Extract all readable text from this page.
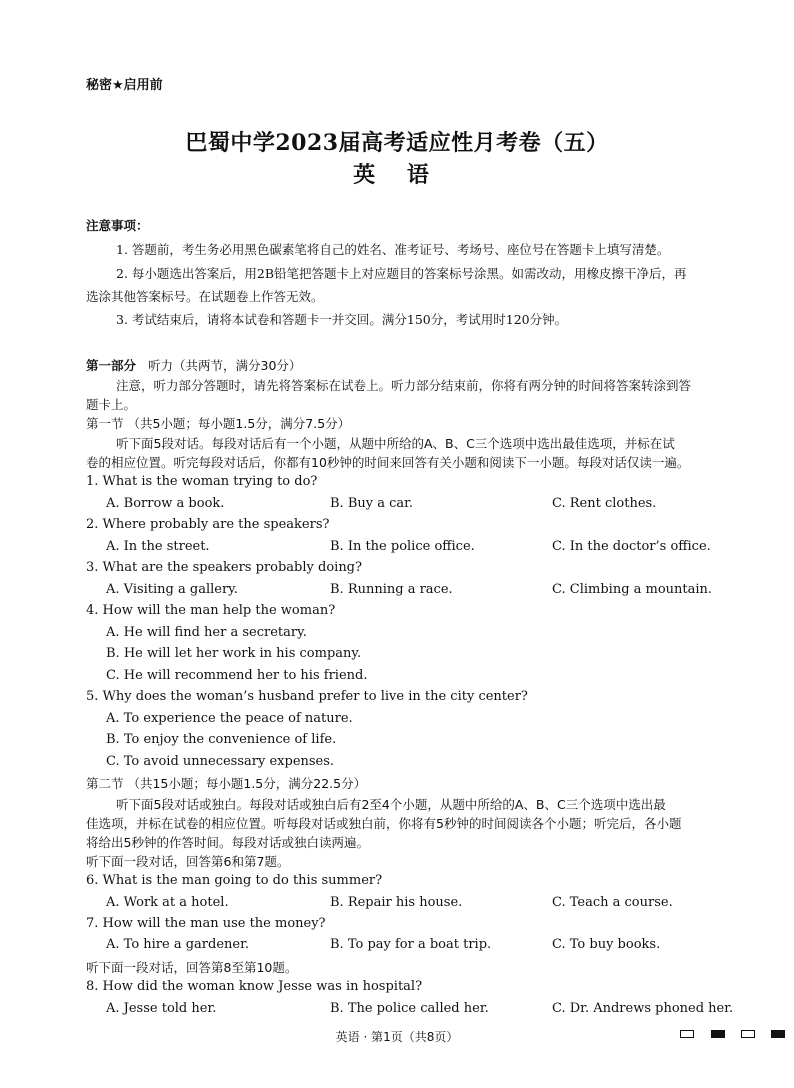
秘密★启用前
巴蜀中学2023届高考适应性月考卷（五）
英 语
注意事项：
1. 答题前，考生务必用黑色碳素笔将自己的姓名、准考证号、考场号、座位号在答题卡上填写清楚。
2. 每小题选出答案后，用2B铅笔把答题卡上对应题目的答案标号涂黑。如需改动，用橡皮擦干净后，再
选涂其他答案标号。在试题卷上作答无效。
3. 考试结束后，请将本试卷和答题卡一并交回。满分150分，考试用时120分钟。
第一部分 听力（共两节，满分30分）
注意，听力部分答题时，请先将答案标在试卷上。听力部分结束前，你将有两分钟的时间将答案转涂到答
题卡上。
第一节 （共5小题；每小题1.5分，满分7.5分）
听下面5段对话。每段对话后有一个小题，从题中所给的A、B、C三个选项中选出最佳选项，并标在试
卷的相应位置。听完每段对话后，你都有10秒钟的时间来回答有关小题和阅读下一小题。每段对话仅读一遍。
1. What is the woman trying to do?
A. Borrow a book.	B. Buy a car.	C. Rent clothes.
2. Where probably are the speakers?
A. In the street.	B. In the police office.	C. In the doctor’s office.
3. What are the speakers probably doing?
A. Visiting a gallery.	B. Running a race.	C. Climbing a mountain.
4. How will the man help the woman?
A. He will find her a secretary.
B. He will let her work in his company.
C. He will recommend her to his friend.
5. Why does the woman’s husband prefer to live in the city center?
A. To experience the peace of nature.
B. To enjoy the convenience of life.
C. To avoid unnecessary expenses.
第二节 （共15小题；每小题1.5分，满分22.5分）
听下面5段对话或独白。每段对话或独白后有2至4个小题，从题中所给的A、B、C三个选项中选出最
佳选项，并标在试卷的相应位置。听每段对话或独白前，你将有5秒钟的时间阅读各个小题；听完后，各小题
将给出5秒钟的作答时间。每段对话或独白读两遍。
听下面一段对话，回答第6和第7题。
6. What is the man going to do this summer?
A. Work at a hotel.	B. Repair his house.	C. Teach a course.
7. How will the man use the money?
A. To hire a gardener.	B. To pay for a boat trip.	C. To buy books.
听下面一段对话，回答第8至第10题。
8. How did the woman know Jesse was in hospital?
A. Jesse told her.	B. The police called her.	C. Dr. Andrews phoned her.
英语 · 第1页（共8页）
